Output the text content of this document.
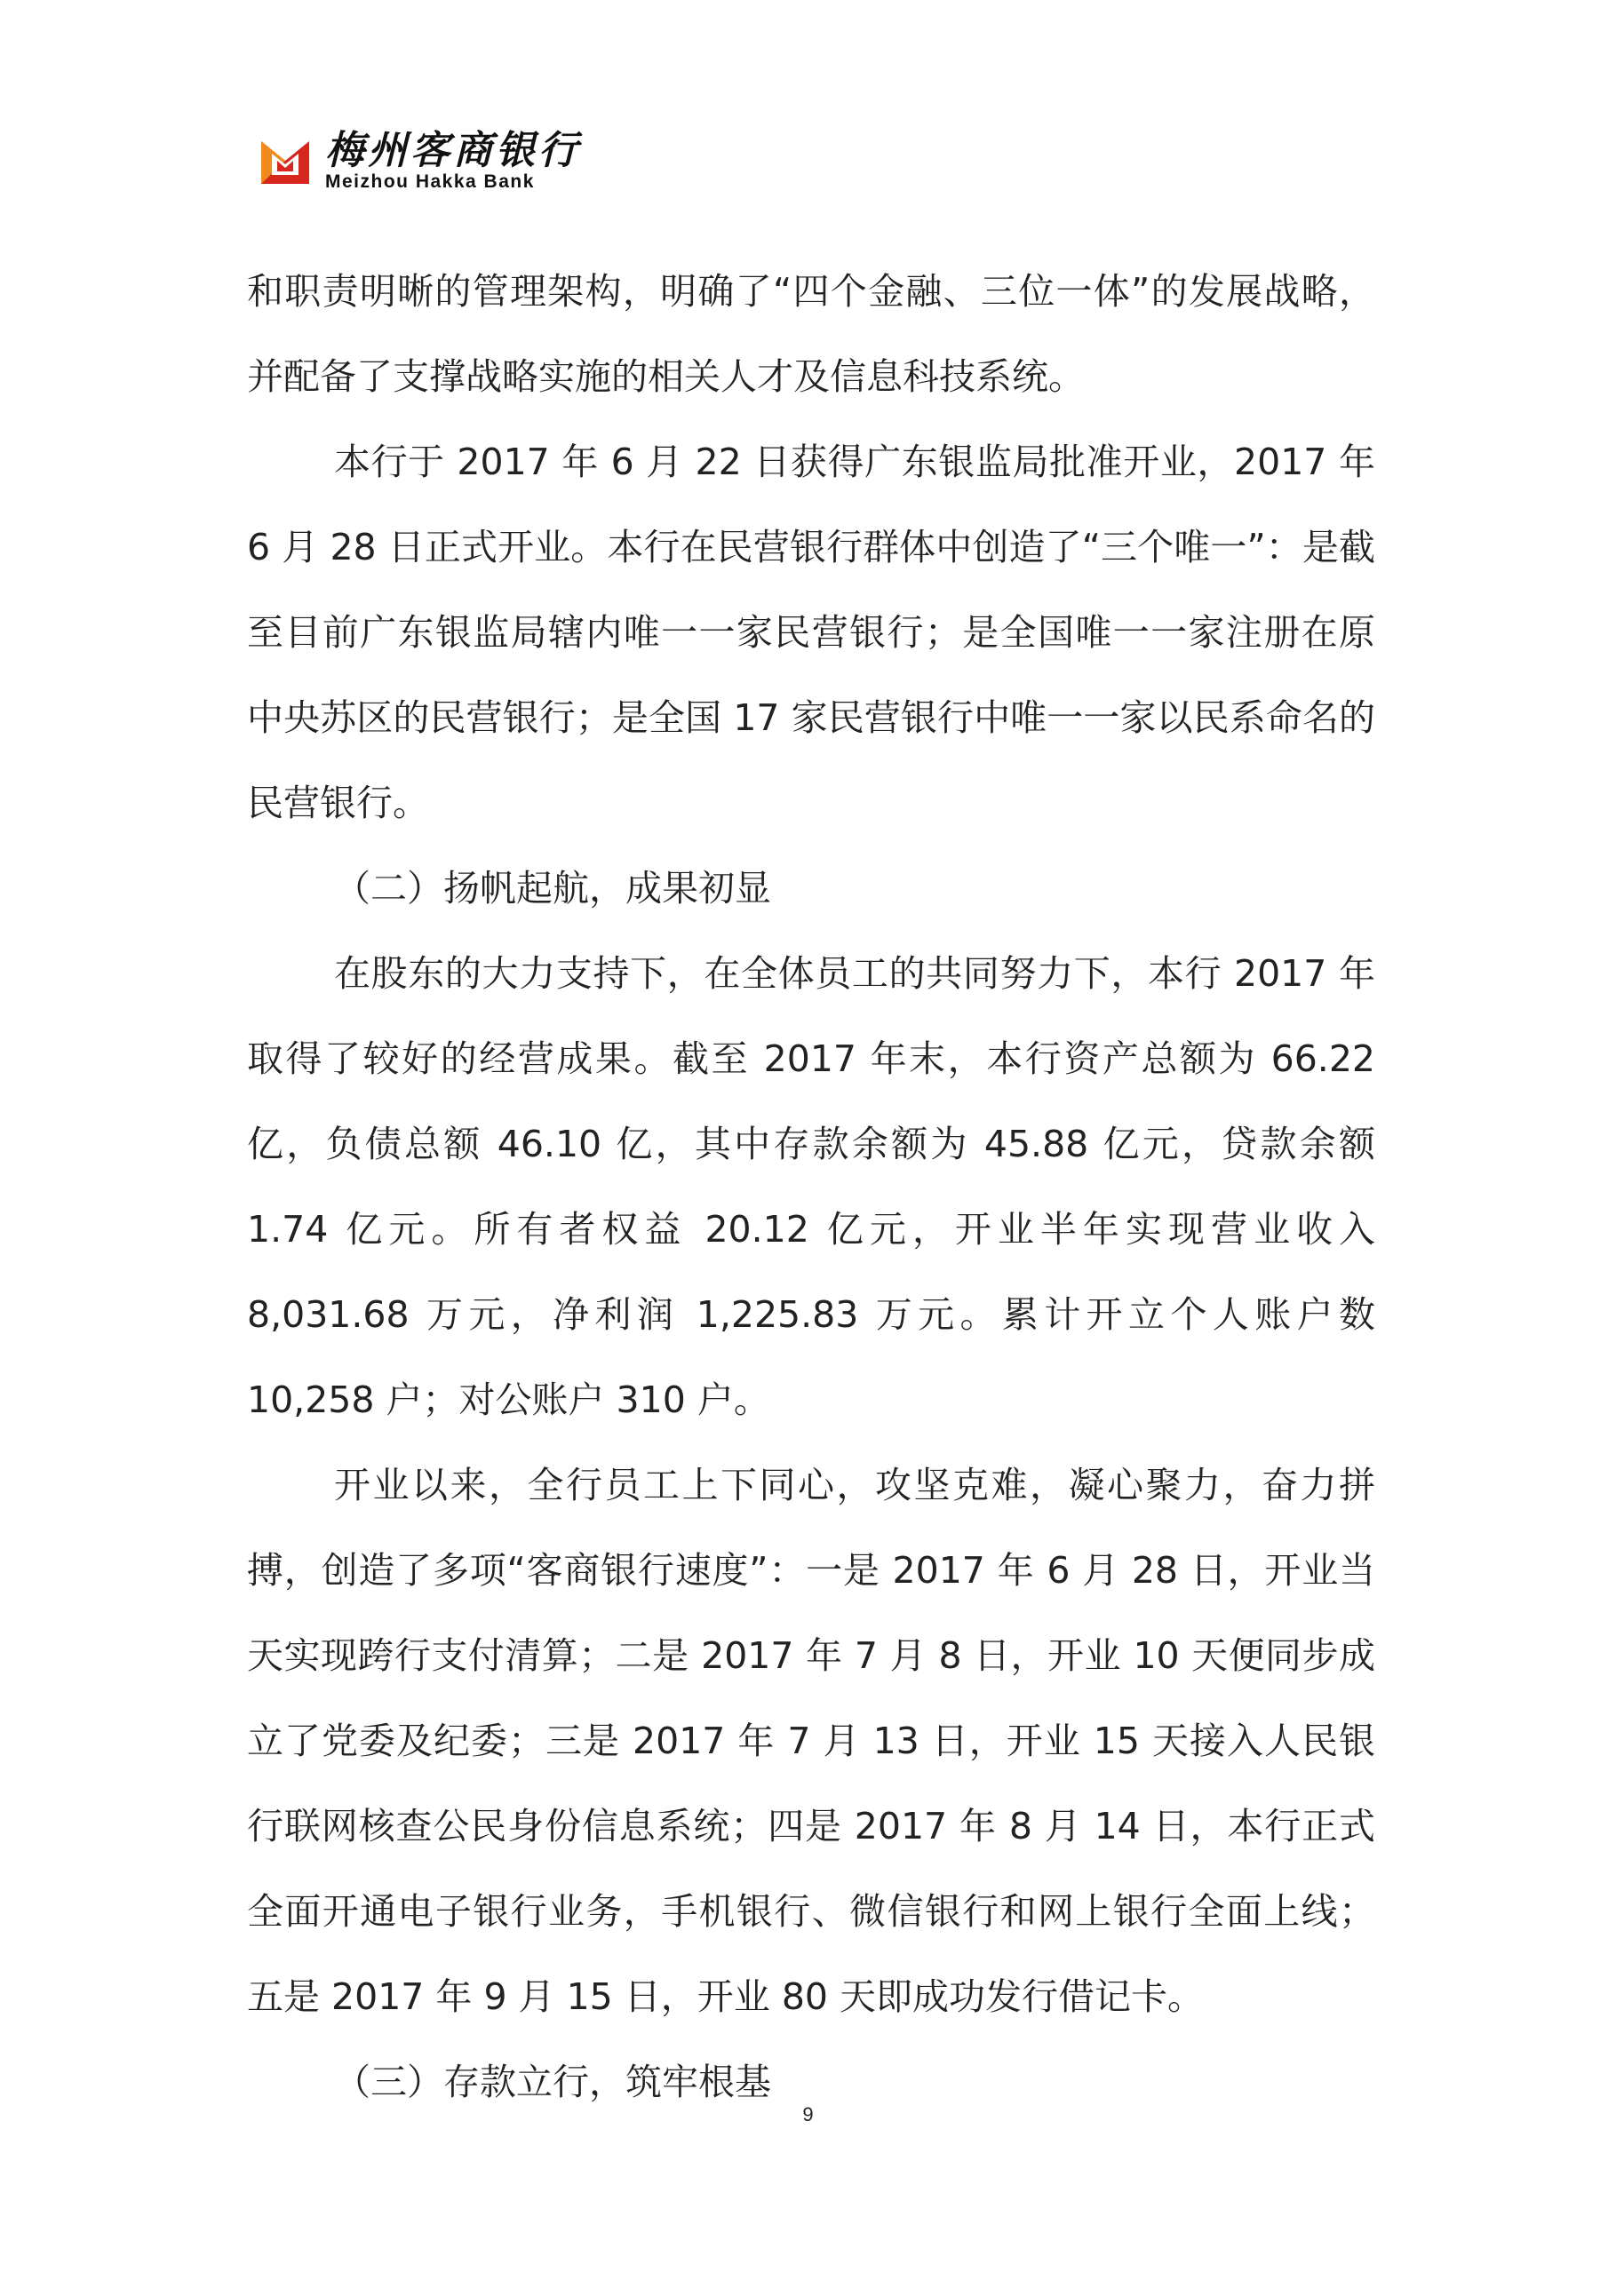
梅州客商银行
Meizhou Hakka Bank

和职责明晰的管理架构，明确了“四个金融、三位一体”的发展战略，并配备了支撑战略实施的相关人才及信息科技系统。

本行于 2017 年 6 月 22 日获得广东银监局批准开业，2017 年 6 月 28 日正式开业。本行在民营银行群体中创造了“三个唯一”：是截至目前广东银监局辖内唯一一家民营银行；是全国唯一一家注册在原中央苏区的民营银行；是全国 17 家民营银行中唯一一家以民系命名的民营银行。

（二）扬帆起航，成果初显

在股东的大力支持下，在全体员工的共同努力下，本行 2017 年取得了较好的经营成果。截至 2017 年末，本行资产总额为 66.22 亿，负债总额 46.10 亿，其中存款余额为 45.88 亿元，贷款余额 1.74 亿元。所有者权益 20.12 亿元，开业半年实现营业收入 8,031.68 万元，净利润 1,225.83 万元。累计开立个人账户数 10,258 户；对公账户 310 户。

开业以来，全行员工上下同心，攻坚克难，凝心聚力，奋力拼搏，创造了多项“客商银行速度”：一是 2017 年 6 月 28 日，开业当天实现跨行支付清算；二是 2017 年 7 月 8 日，开业 10 天便同步成立了党委及纪委；三是 2017 年 7 月 13 日，开业 15 天接入人民银行联网核查公民身份信息系统；四是 2017 年 8 月 14 日，本行正式全面开通电子银行业务，手机银行、微信银行和网上银行全面上线；五是 2017 年 9 月 15 日，开业 80 天即成功发行借记卡。

（三）存款立行，筑牢根基

9
